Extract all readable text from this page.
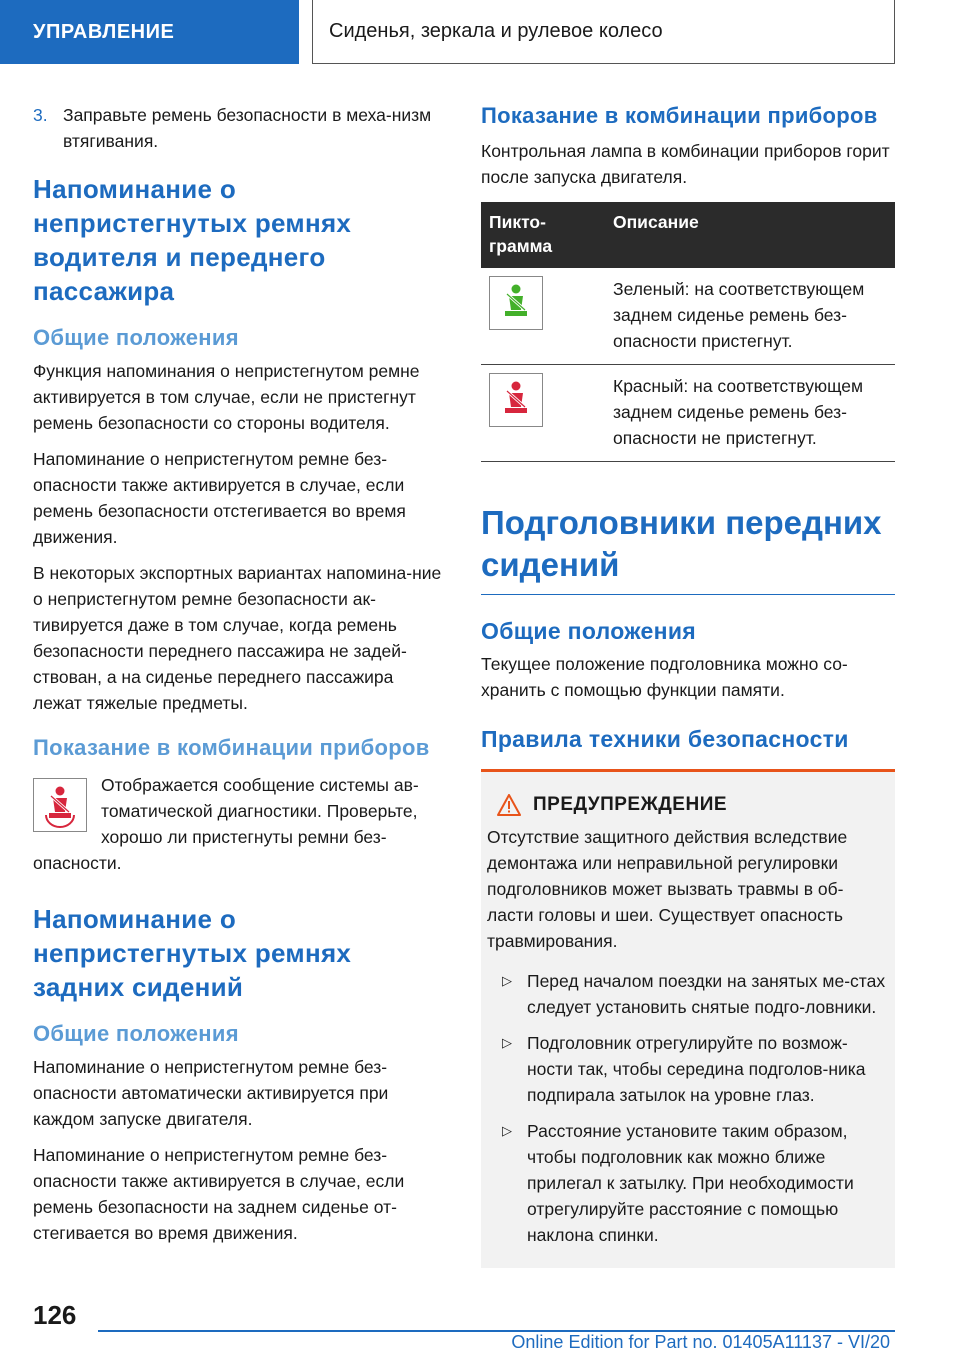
УПРАВЛЕНИЕ	Сиденья, зеркала и рулевое колесо
3. Заправьте ремень безопасности в меха-низм втягивания.
Напоминание о непристегнутых ремнях водителя и переднего пассажира
Общие положения

Функция напоминания о непристегнутом ремне активируется в том случае, если не пристегнут ремень безопасности со стороны водителя.

Напоминание о непристегнутом ремне без-опасности также активируется в случае, если ремень безопасности отстегивается во время движения.

В некоторых экспортных вариантах напомина-ние о непристегнутом ремне безопасности ак-тивируется даже в том случае, когда ремень безопасности переднего пассажира не задей-ствован, а на сиденье переднего пассажира лежат тяжелые предметы.

Показание в комбинации приборов

Отображается сообщение системы ав-томатической диагностики. Проверьте, хорошо ли пристегнуты ремни без-опасности.

Напоминание о непристегнутых ремнях задних сидений
Общие положения

Напоминание о непристегнутом ремне без-опасности автоматически активируется при каждом запуске двигателя.

Напоминание о непристегнутом ремне без-опасности также активируется в случае, если ремень безопасности на заднем сиденье от-стегивается во время движения.

Показание в комбинации приборов

Контрольная лампа в комбинации приборов горит после запуска двигателя.

Пикто-грамма	Описание

	Зеленый: на соответствующем заднем сиденье ремень без-опасности пристегнут.

	Красный: на соответствующем заднем сиденье ремень без-опасности не пристегнут.
Подголовники передних сидений
Общие положения

Текущее положение подголовника можно со-хранить с помощью функции памяти.

Правила техники безопасности
ПРЕДУПРЕЖДЕНИЕ

Отсутствие защитного действия вследствие демонтажа или неправильной регулировки подголовников может вызвать травмы в об-ласти головы и шеи. Существует опасность травмирования.

▷ Перед началом поездки на занятых ме-стах следует установить снятые подго-ловники.
▷ Подголовник отрегулируйте по возмож-ности так, чтобы середина подголов-ника подпирала затылок на уровне глаз.
▷ Расстояние установите таким образом, чтобы подголовник как можно ближе прилегал к затылку. При необходимости отрегулируйте расстояние с помощью наклона спинки.
126
Online Edition for Part no. 01405A11137 - VI/20
